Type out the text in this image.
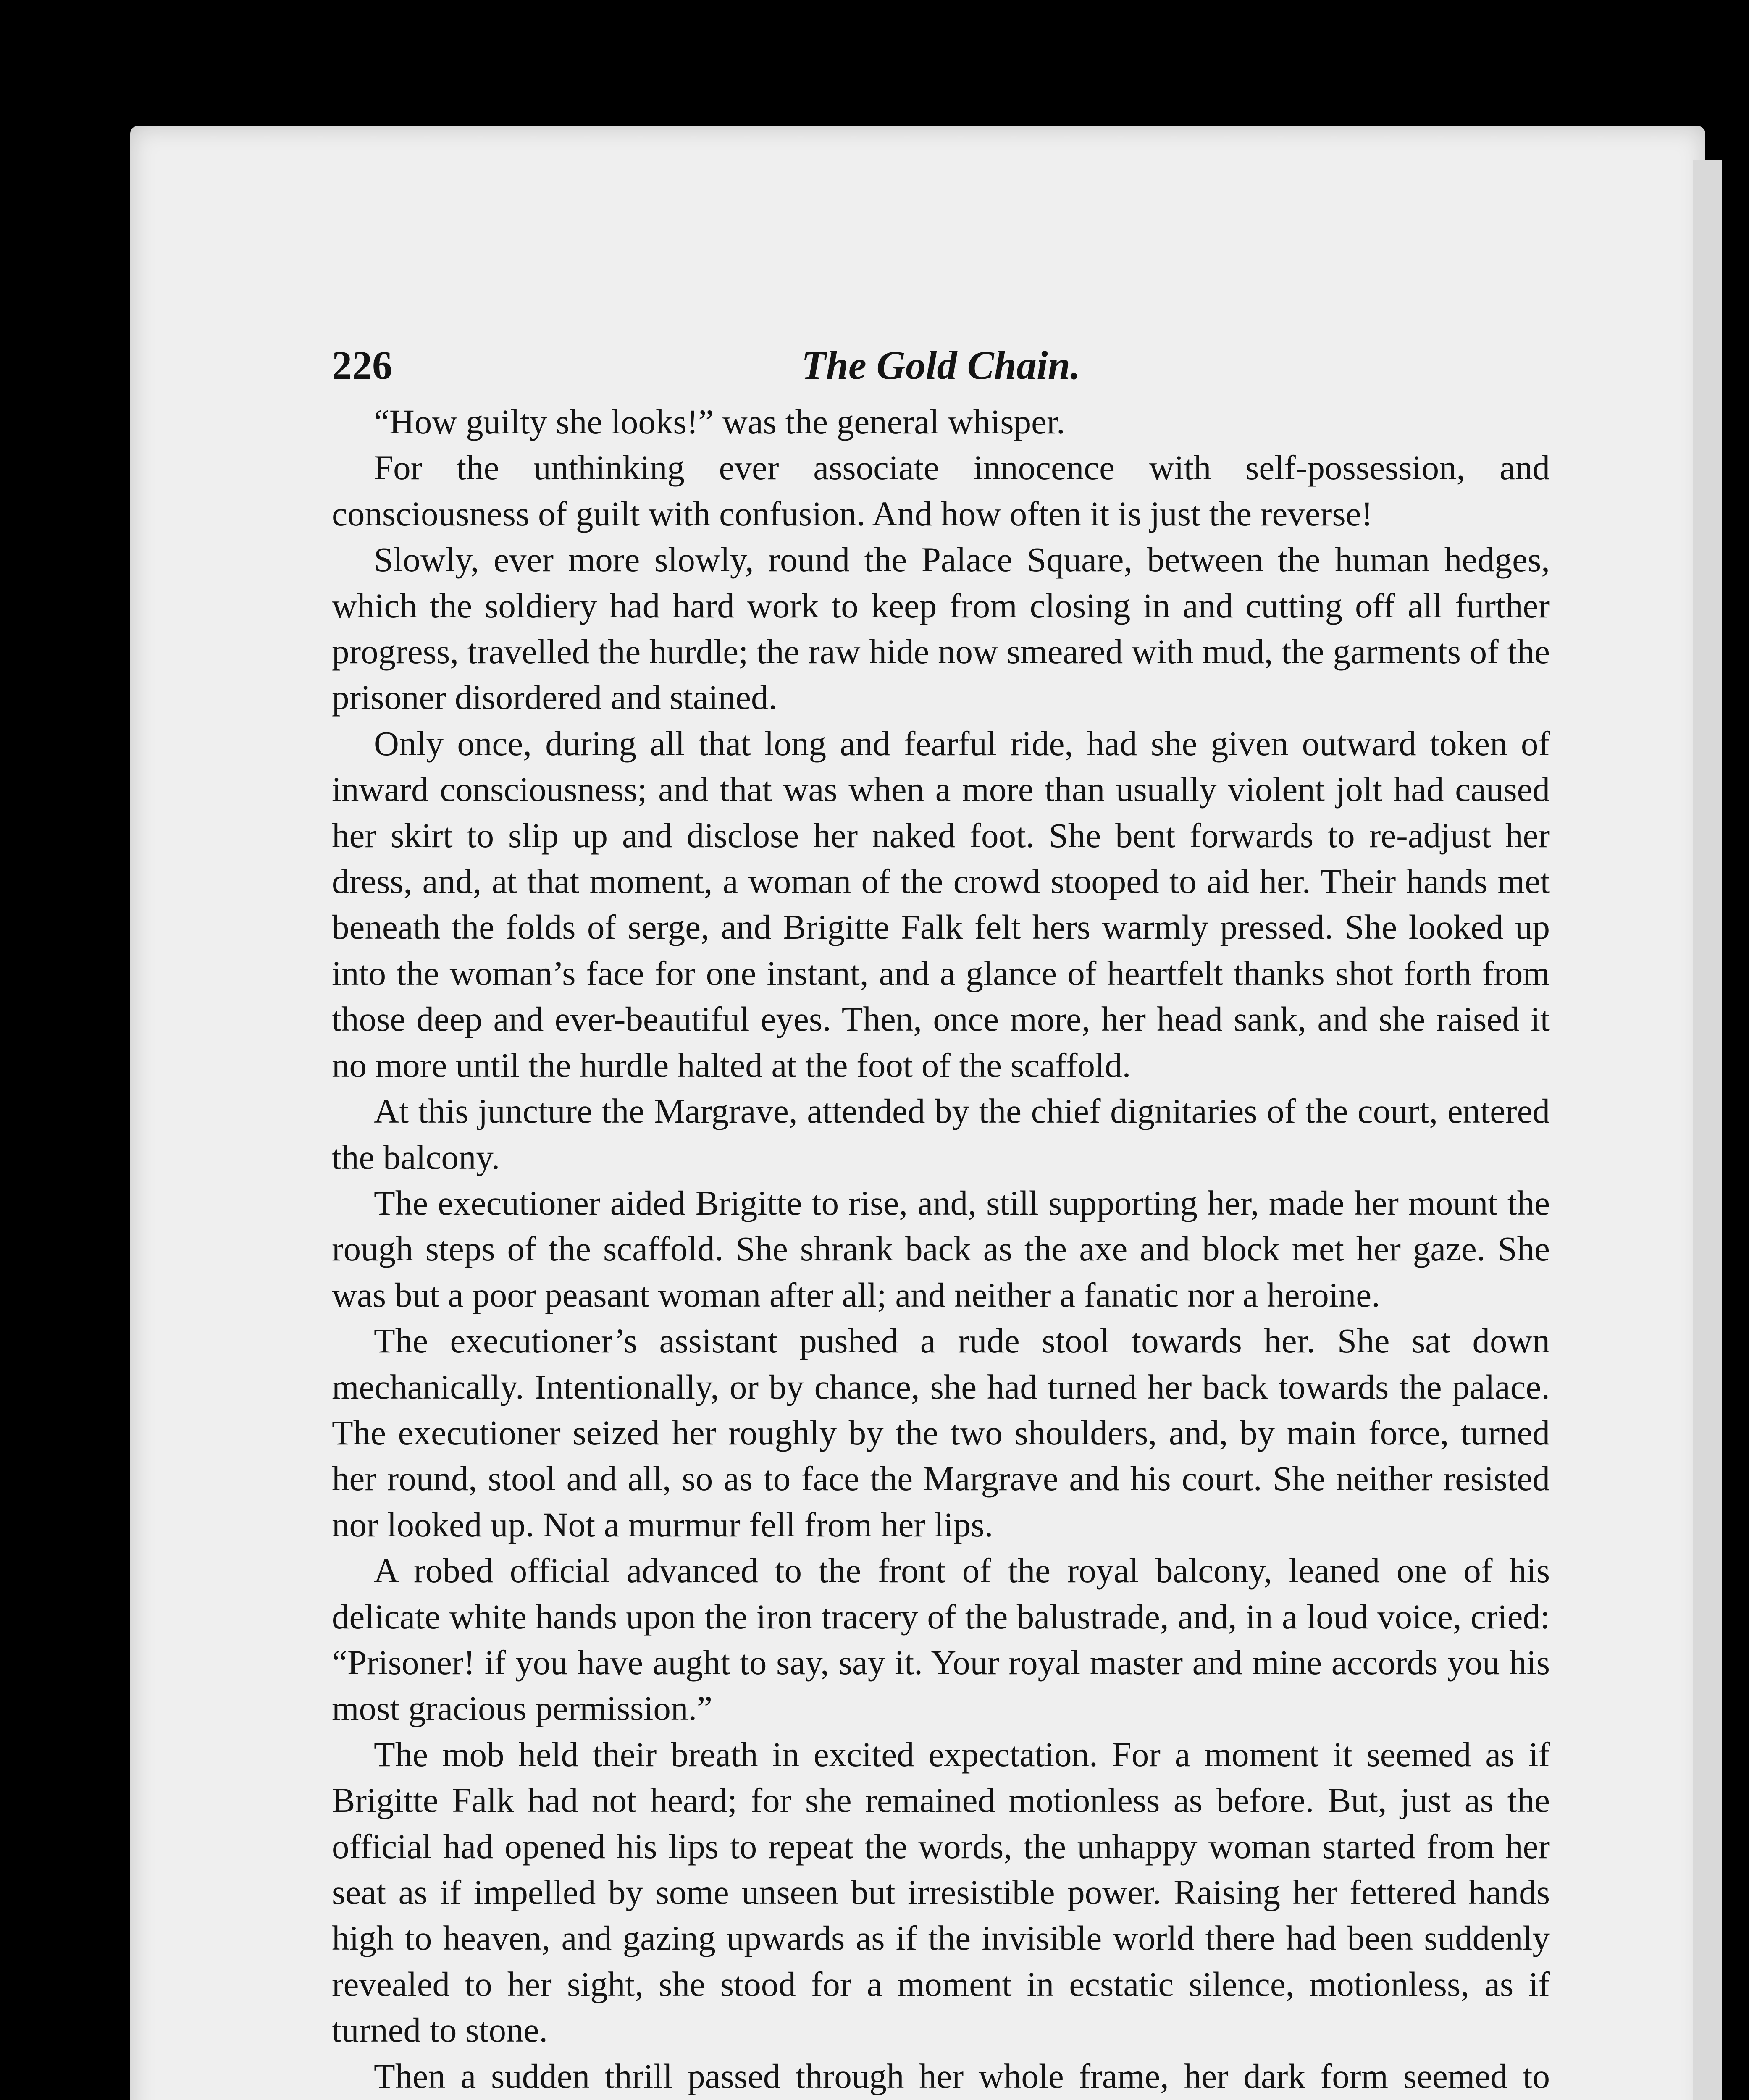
226	The Gold Chain.

“How guilty she looks!” was the general whisper.

For the unthinking ever associate innocence with self-possession, and consciousness of guilt with confusion. And how often it is just the reverse!

Slowly, ever more slowly, round the Palace Square, between the human hedges, which the soldiery had hard work to keep from closing in and cutting off all further progress, travelled the hurdle; the raw hide now smeared with mud, the garments of the prisoner disordered and stained.

Only once, during all that long and fearful ride, had she given outward token of inward consciousness; and that was when a more than usually violent jolt had caused her skirt to slip up and disclose her naked foot. She bent forwards to re-adjust her dress, and, at that moment, a woman of the crowd stooped to aid her. Their hands met beneath the folds of serge, and Brigitte Falk felt hers warmly pressed. She looked up into the woman’s face for one instant, and a glance of heartfelt thanks shot forth from those deep and ever-beautiful eyes. Then, once more, her head sank, and she raised it no more until the hurdle halted at the foot of the scaffold.

At this juncture the Margrave, attended by the chief dignitaries of the court, entered the balcony.

The executioner aided Brigitte to rise, and, still supporting her, made her mount the rough steps of the scaffold. She shrank back as the axe and block met her gaze. She was but a poor peasant woman after all; and neither a fanatic nor a heroine.

The executioner’s assistant pushed a rude stool towards her. She sat down mechanically. Intentionally, or by chance, she had turned her back towards the palace. The executioner seized her roughly by the two shoulders, and, by main force, turned her round, stool and all, so as to face the Margrave and his court. She neither resisted nor looked up. Not a murmur fell from her lips.

A robed official advanced to the front of the royal balcony, leaned one of his delicate white hands upon the iron tracery of the balustrade, and, in a loud voice, cried: “Prisoner! if you have aught to say, say it. Your royal master and mine accords you his most gracious permission.”

The mob held their breath in excited expectation. For a moment it seemed as if Brigitte Falk had not heard; for she remained motionless as before. But, just as the official had opened his lips to repeat the words, the unhappy woman started from her seat as if impelled by some unseen but irresistible power. Raising her fettered hands high to heaven, and gazing upwards as if the invisible world there had been suddenly revealed to her sight, she stood for a moment in ecstatic silence, motionless, as if turned to stone.

Then a sudden thrill passed through her whole frame, her dark form seemed to
